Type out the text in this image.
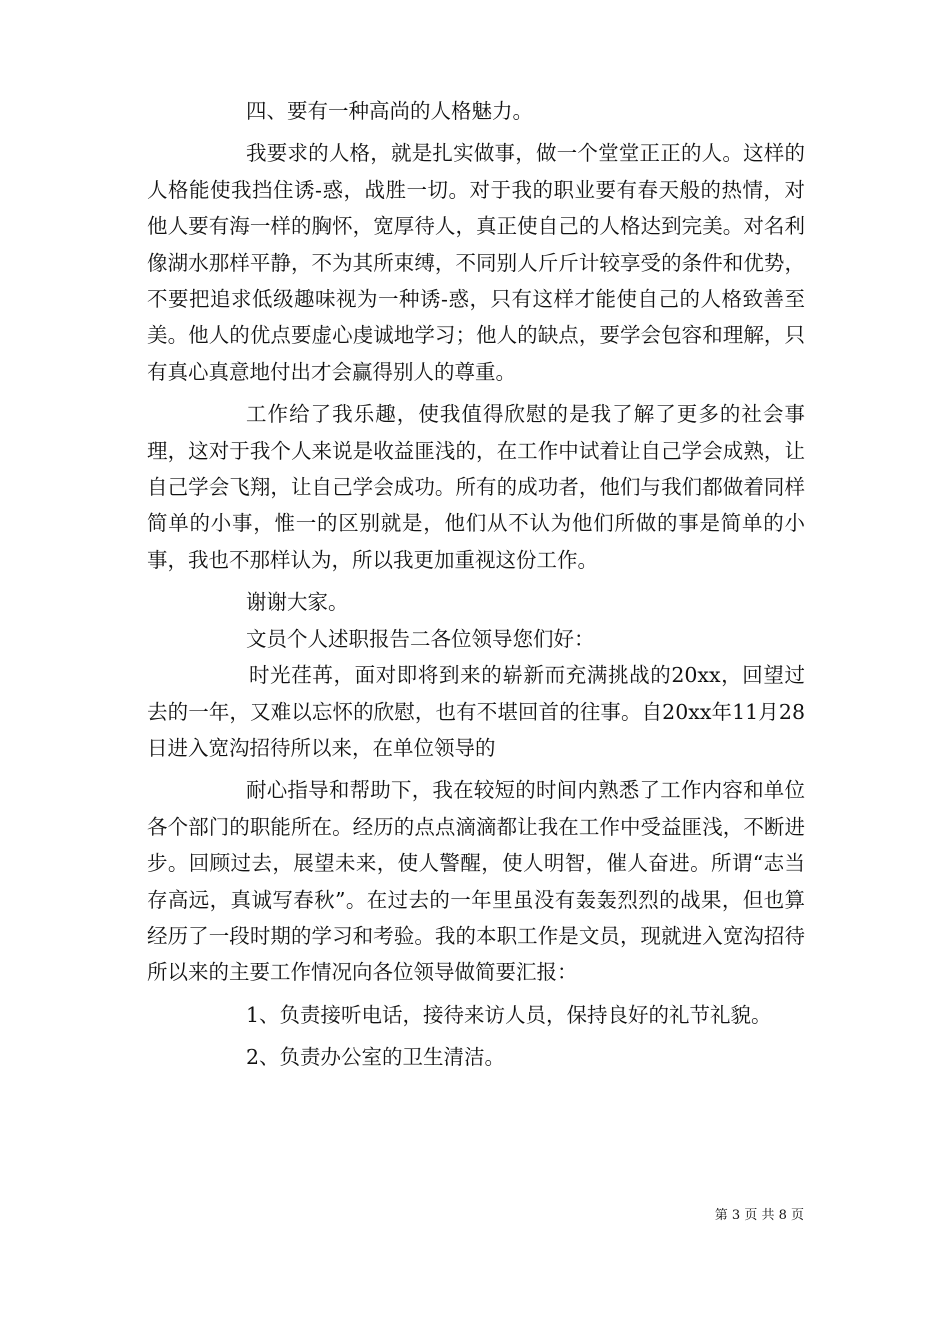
四、要有一种高尚的人格魅力。

我要求的人格，就是扎实做事，做一个堂堂正正的人。这样的人格能使我挡住诱-惑，战胜一切。对于我的职业要有春天般的热情，对他人要有海一样的胸怀，宽厚待人，真正使自己的人格达到完美。对名利像湖水那样平静，不为其所束缚，不同别人斤斤计较享受的条件和优势，不要把追求低级趣味视为一种诱-惑，只有这样才能使自己的人格致善至美。他人的优点要虚心虔诚地学习；他人的缺点，要学会包容和理解，只有真心真意地付出才会赢得别人的尊重。

工作给了我乐趣，使我值得欣慰的是我了解了更多的社会事理，这对于我个人来说是收益匪浅的，在工作中试着让自己学会成熟，让自己学会飞翔，让自己学会成功。所有的成功者，他们与我们都做着同样简单的小事，惟一的区别就是，他们从不认为他们所做的事是简单的小事，我也不那样认为，所以我更加重视这份工作。

谢谢大家。

文员个人述职报告二各位领导您们好：

时光荏苒，面对即将到来的崭新而充满挑战的20xx，回望过去的一年，又难以忘怀的欣慰，也有不堪回首的往事。自20xx年11月28日进入宽沟招待所以来，在单位领导的

耐心指导和帮助下，我在较短的时间内熟悉了工作内容和单位各个部门的职能所在。经历的点点滴滴都让我在工作中受益匪浅，不断进步。回顾过去，展望未来，使人警醒，使人明智，催人奋进。所谓“志当存高远，真诚写春秋”。在过去的一年里虽没有轰轰烈烈的战果，但也算经历了一段时期的学习和考验。我的本职工作是文员，现就进入宽沟招待所以来的主要工作情况向各位领导做简要汇报：

1、负责接听电话，接待来访人员，保持良好的礼节礼貌。

2、负责办公室的卫生清洁。

第 3 页 共 8 页
